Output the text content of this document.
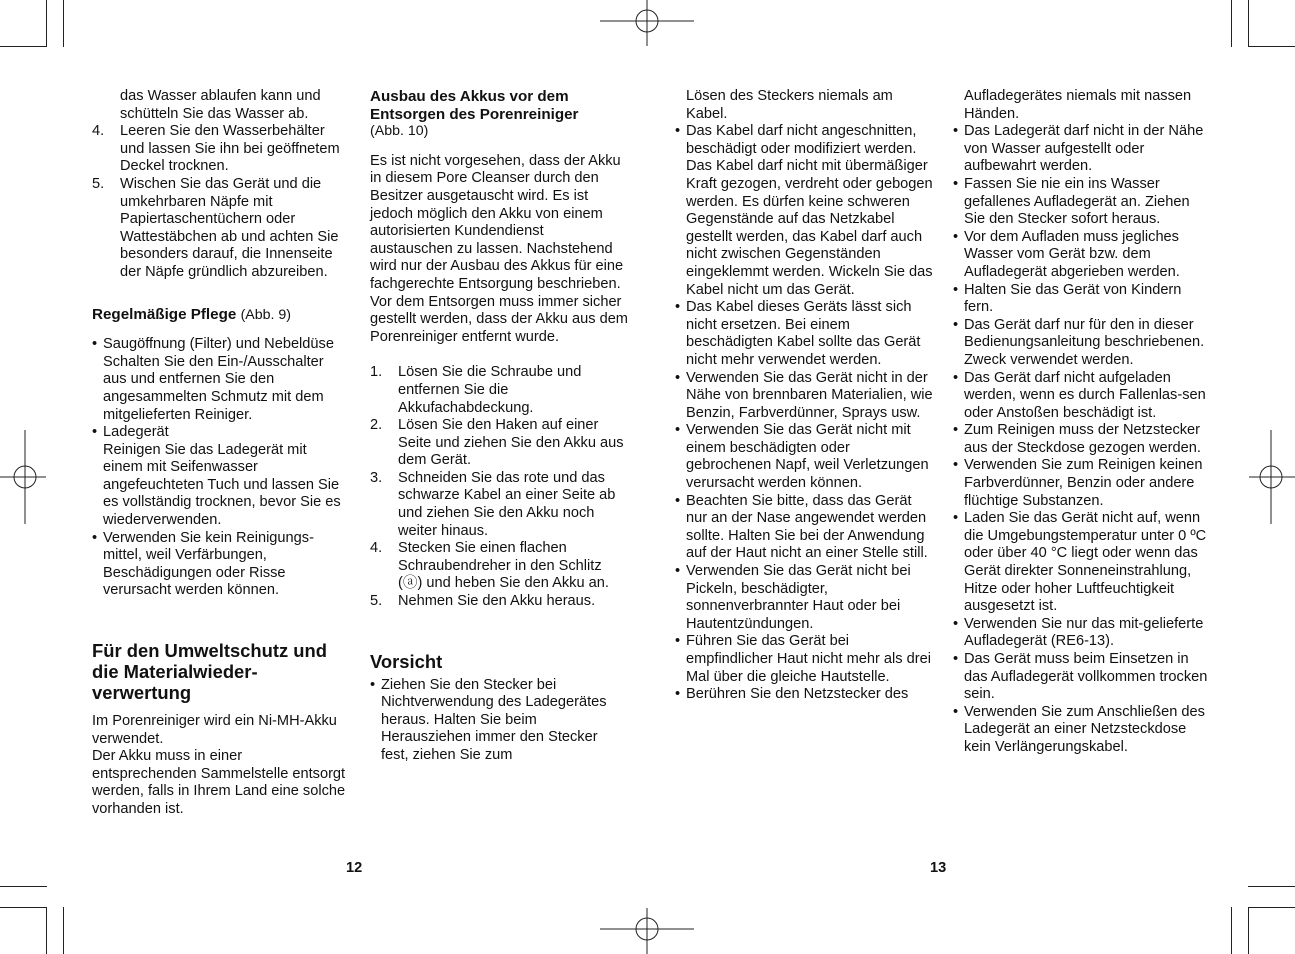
das Wasser ablaufen kann und schütteln Sie das Wasser ab.

4. Leeren Sie den Wasserbehälter und lassen Sie ihn bei geöffnetem Deckel trocknen.
5. Wischen Sie das Gerät und die umkehrbaren Näpfe mit Papiertaschentüchern oder Wattestäbchen ab und achten Sie besonders darauf, die Innenseite der Näpfe gründlich abzureiben.

Regelmäßige Pflege (Abb. 9)

• Saugöffnung (Filter) und Nebeldüse
Schalten Sie den Ein-/Ausschalter aus und entfernen Sie den angesammelten Schmutz mit dem mitgelieferten Reiniger.
• Ladegerät
Reinigen Sie das Ladegerät mit einem mit Seifenwasser angefeuchteten Tuch und lassen Sie es vollständig trocknen, bevor Sie es wiederverwenden.
• Verwenden Sie kein Reinigungs-mittel, weil Verfärbungen, Beschädigungen oder Risse verursacht werden können.

Für den Umweltschutz und die Materialwieder-verwertung

Im Porenreiniger wird ein Ni-MH-Akku verwendet.

Der Akku muss in einer entsprechenden Sammelstelle entsorgt werden, falls in Ihrem Land eine solche vorhanden ist.

Ausbau des Akkus vor dem Entsorgen des Porenreiniger

(Abb. 10)

Es ist nicht vorgesehen, dass der Akku in diesem Pore Cleanser durch den Besitzer ausgetauscht wird. Es ist jedoch möglich den Akku von einem autorisierten Kundendienst austauschen zu lassen. Nachstehend wird nur der Ausbau des Akkus für eine fachgerechte Entsorgung beschrieben.

Vor dem Entsorgen muss immer sicher gestellt werden, dass der Akku aus dem Porenreiniger entfernt wurde.

1. Lösen Sie die Schraube und entfernen Sie die Akkufachabdeckung.
2. Lösen Sie den Haken auf einer Seite und ziehen Sie den Akku aus dem Gerät.
3. Schneiden Sie das rote und das schwarze Kabel an einer Seite ab und ziehen Sie den Akku noch weiter hinaus.
4. Stecken Sie einen flachen Schraubendreher in den Schlitz (ⓐ) und heben Sie den Akku an.
5. Nehmen Sie den Akku heraus.

Vorsicht

• Ziehen Sie den Stecker bei Nichtverwendung des Ladegerätes heraus. Halten Sie beim Herausziehen immer den Stecker fest, ziehen Sie zum

Lösen des Steckers niemals am Kabel.

• Das Kabel darf nicht angeschnitten, beschädigt oder modifiziert werden. Das Kabel darf nicht mit übermäßiger Kraft gezogen, verdreht oder gebogen werden. Es dürfen keine schweren Gegenstände auf das Netzkabel gestellt werden, das Kabel darf auch nicht zwischen Gegenständen eingeklemmt werden. Wickeln Sie das Kabel nicht um das Gerät.
• Das Kabel dieses Geräts lässt sich nicht ersetzen. Bei einem beschädigten Kabel sollte das Gerät nicht mehr verwendet werden.
• Verwenden Sie das Gerät nicht in der Nähe von brennbaren Materialien, wie Benzin, Farbverdünner, Sprays usw.
• Verwenden Sie das Gerät nicht mit einem beschädigten oder gebrochenen Napf, weil Verletzungen verursacht werden können.
• Beachten Sie bitte, dass das Gerät nur an der Nase angewendet werden sollte. Halten Sie bei der Anwendung auf der Haut nicht an einer Stelle still.
• Verwenden Sie das Gerät nicht bei Pickeln, beschädigter, sonnenverbrannter Haut oder bei Hautentzündungen.
• Führen Sie das Gerät bei empfindlicher Haut nicht mehr als drei Mal über die gleiche Hautstelle.
• Berühren Sie den Netzstecker des

Aufladegerätes niemals mit nassen Händen.

• Das Ladegerät darf nicht in der Nähe von Wasser aufgestellt oder aufbewahrt werden.
• Fassen Sie nie ein ins Wasser gefallenes Aufladegerät an. Ziehen Sie den Stecker sofort heraus.
• Vor dem Aufladen muss jegliches Wasser vom Gerät bzw. dem Aufladegerät abgerieben werden.
• Halten Sie das Gerät von Kindern fern.
• Das Gerät darf nur für den in dieser Bedienungsanleitung beschriebenen. Zweck verwendet werden.
• Das Gerät darf nicht aufgeladen werden, wenn es durch Fallenlas-sen oder Anstoßen beschädigt ist.
• Zum Reinigen muss der Netzstecker aus der Steckdose gezogen werden.
• Verwenden Sie zum Reinigen keinen Farbverdünner, Benzin oder andere flüchtige Substanzen.
• Laden Sie das Gerät nicht auf, wenn die Umgebungstemperatur unter 0 ºC oder über 40 °C liegt oder wenn das Gerät direkter Sonneneinstrahlung, Hitze oder hoher Luftfeuchtigkeit ausgesetzt ist.
• Verwenden Sie nur das mit-gelieferte Aufladegerät (RE6-13).
• Das Gerät muss beim Einsetzen in das Aufladegerät vollkommen trocken sein.
• Verwenden Sie zum Anschließen des Ladegerät an einer Netzsteckdose kein Verlängerungskabel.
12	13
